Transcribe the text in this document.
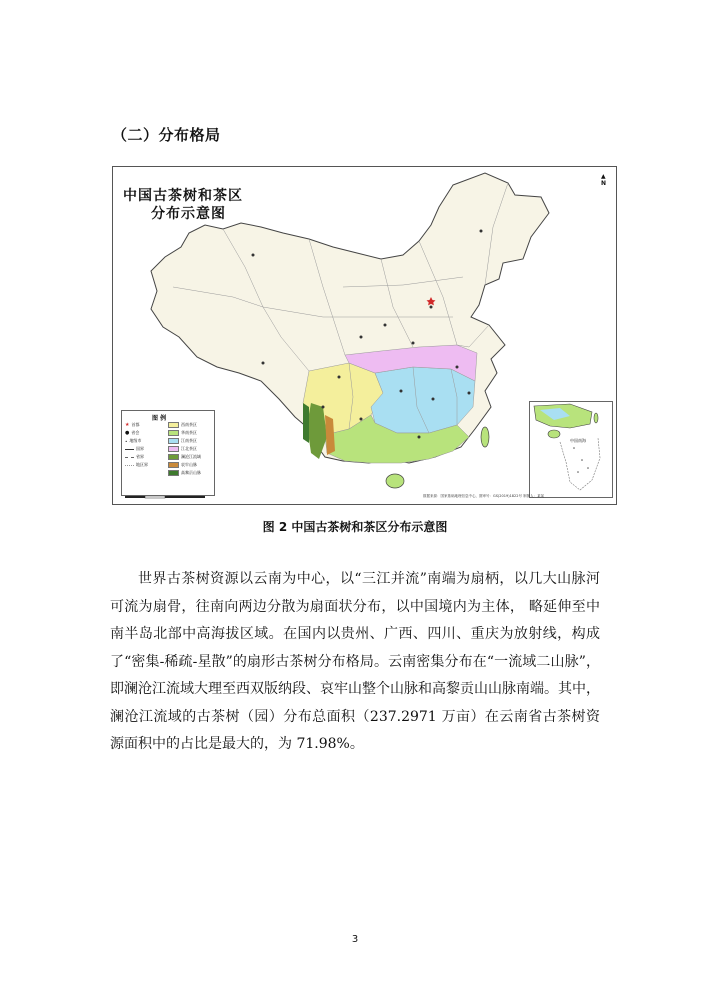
（二）分布格局
中国古茶树和茶区
分布示意图
▲
N
图 例
★ 首都
● 省会
• 地级市
国界
省界
地区界
西南茶区
华南茶区
江南茶区
江北茶区
澜沧江流域
哀牢山脉
高黎贡山脉
中国南海
数据来源：国家基础地理信息中心，图审号：GS(2019)1822号 制图人：某某
图 2 中国古茶树和茶区分布示意图

世界古茶树资源以云南为中心，以“三江并流”南端为扇柄，以几大山脉河可流为扇骨，往南向两边分散为扇面状分布，以中国境内为主体， 略延伸至中南半岛北部中高海拔区域。在国内以贵州、广西、四川、重庆为放射线，构成了“密集-稀疏-星散”的扇形古茶树分布格局。云南密集分布在“一流域二山脉”，即澜沧江流域大理至西双版纳段、哀牢山整个山脉和高黎贡山山脉南端。其中，澜沧江流域的古茶树（园）分布总面积（237.2971 万亩）在云南省古茶树资源面积中的占比是最大的，为 71.98%。

3
